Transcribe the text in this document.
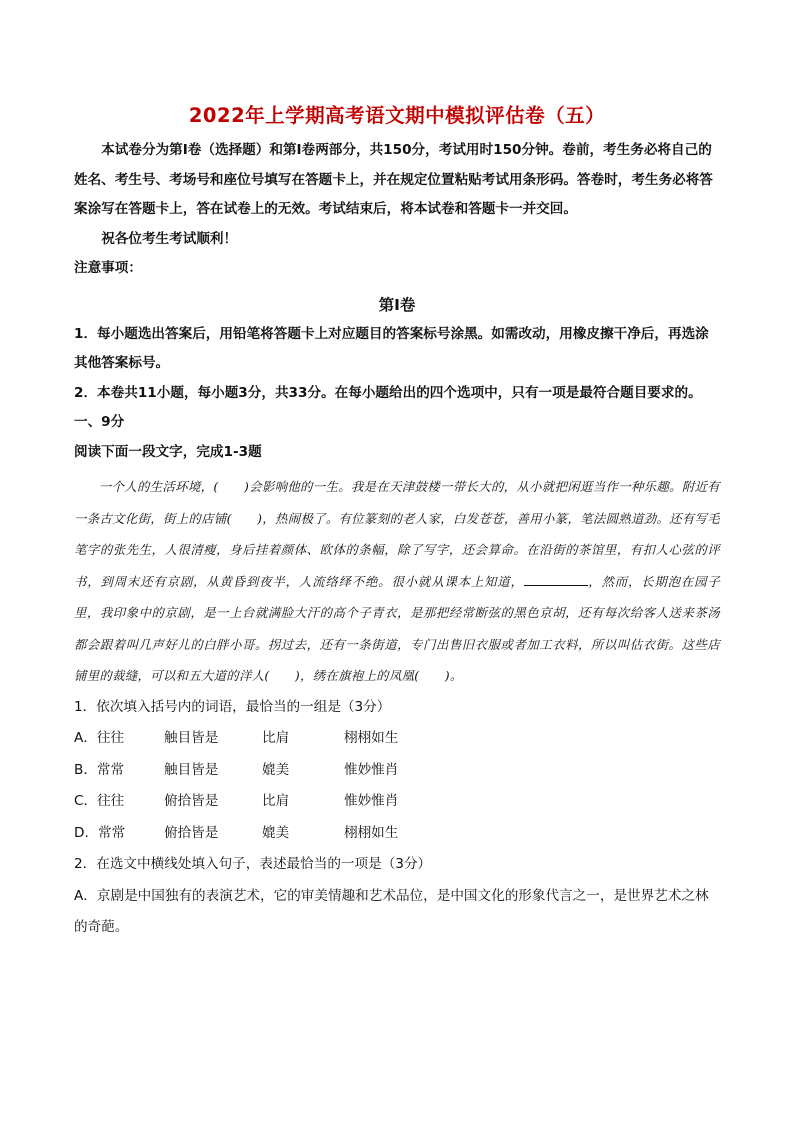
2022年上学期高考语文期中模拟评估卷（五）

本试卷分为第Ⅰ卷（选择题）和第Ⅰ卷两部分，共150分，考试用时150分钟。卷前，考生务必将自己的姓名、考生号、考场号和座位号填写在答题卡上，并在规定位置粘贴考试用条形码。答卷时，考生务必将答案涂写在答题卡上，答在试卷上的无效。考试结束后，将本试卷和答题卡一并交回。

祝各位考生考试顺利！

注意事项：

第Ⅰ卷

1．每小题选出答案后，用铅笔将答题卡上对应题目的答案标号涂黑。如需改动，用橡皮擦干净后，再选涂其他答案标号。

2．本卷共11小题，每小题3分，共33分。在每小题给出的四个选项中，只有一项是最符合题目要求的。

一、9分

阅读下面一段文字，完成1-3题

一个人的生活环境，(　　)会影响他的一生。我是在天津鼓楼一带长大的，从小就把闲逛当作一种乐趣。附近有一条古文化街，街上的店铺(　　)，热闹极了。有位篆刻的老人家，白发苍苍，善用小篆，笔法圆熟道劲。还有写毛笔字的张先生，人很清瘦，身后挂着颜体、欧体的条幅，除了写字，还会算命。在沿街的茶馆里，有扣人心弦的评书，到周末还有京剧，从黄昏到夜半，人流络绎不绝。很小就从课本上知道，	，然而，长期泡在园子里，我印象中的京剧，是一上台就满脸大汗的高个子青衣，是那把经常断弦的黑色京胡，还有每次给客人送来茶汤都会跟着叫几声好儿的白胖小哥。拐过去，还有一条街道，专门出售旧衣服或者加工衣料，所以叫估衣街。这些店铺里的裁缝，可以和五大道的洋人(　　)，绣在旗袍上的凤凰(　　)。

1．依次填入括号内的词语，最恰当的一组是（3分）

A．往往	触目皆是	比肩	栩栩如生
B．常常	触目皆是	媲美	惟妙惟肖
C．往往	俯拾皆是	比肩	惟妙惟肖
D．常常	俯拾皆是	媲美	栩栩如生

2．在选文中横线处填入句子，表述最恰当的一项是（3分）

A．京剧是中国独有的表演艺术，它的审美情趣和艺术品位，是中国文化的形象代言之一，是世界艺术之林的奇葩。
